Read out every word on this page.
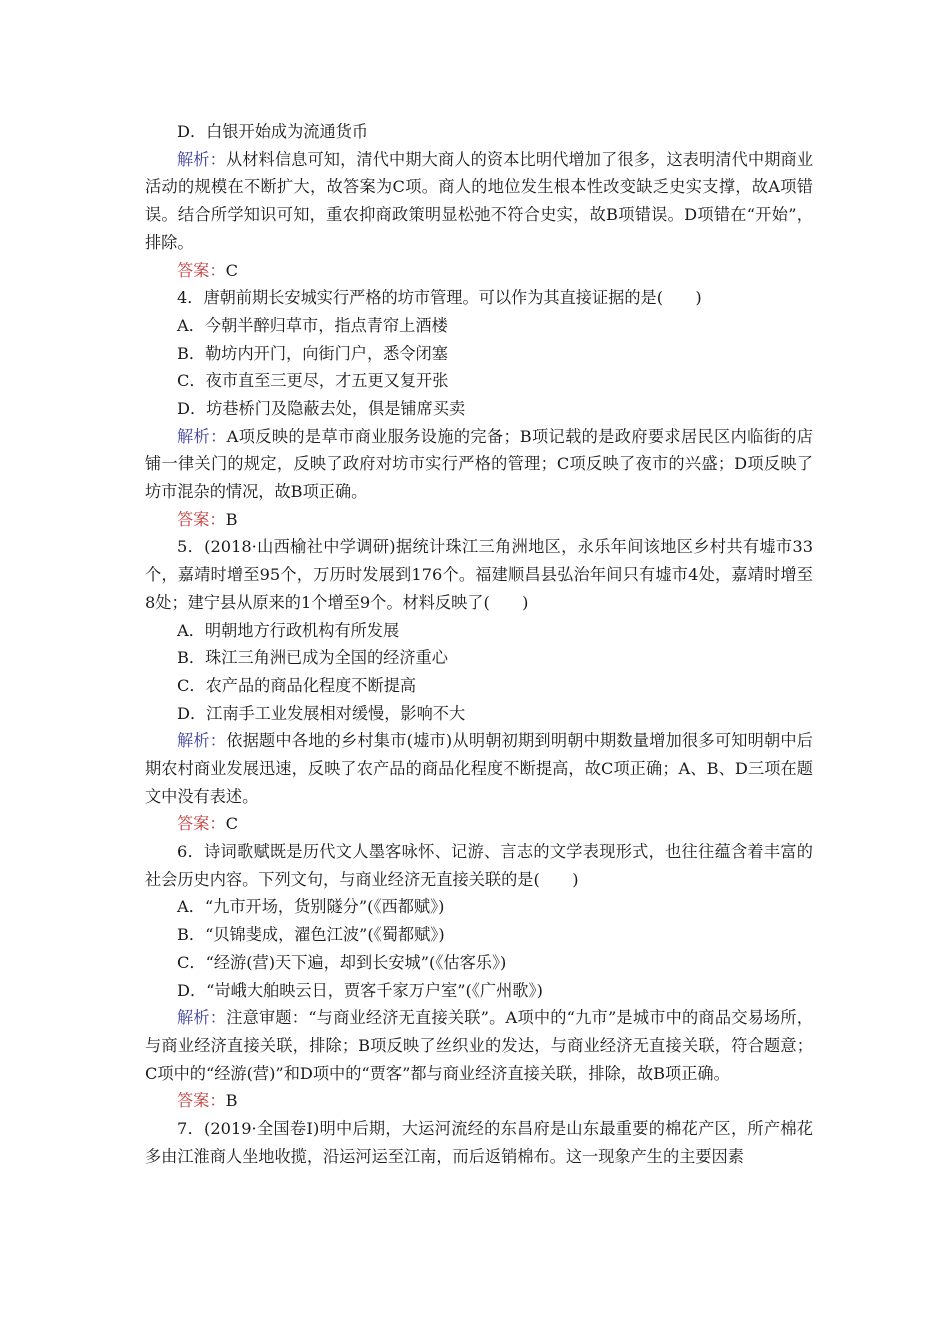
D．白银开始成为流通货币

解析：从材料信息可知，清代中期大商人的资本比明代增加了很多，这表明清代中期商业活动的规模在不断扩大，故答案为C项。商人的地位发生根本性改变缺乏史实支撑，故A项错误。结合所学知识可知，重农抑商政策明显松弛不符合史实，故B项错误。D项错在“开始”，排除。

答案：C
4．唐朝前期长安城实行严格的坊市管理。可以作为其直接证据的是(　　)
A．今朝半醉归草市，指点青帘上酒楼
B．勒坊内开门，向街门户，悉令闭塞
C．夜市直至三更尽，才五更又复开张
D．坊巷桥门及隐蔽去处，俱是铺席买卖

解析：A项反映的是草市商业服务设施的完备；B项记载的是政府要求居民区内临街的店铺一律关门的规定，反映了政府对坊市实行严格的管理；C项反映了夜市的兴盛；D项反映了坊市混杂的情况，故B项正确。

答案：B

5．(2018·山西榆社中学调研)据统计珠江三角洲地区，永乐年间该地区乡村共有墟市33个，嘉靖时增至95个，万历时发展到176个。福建顺昌县弘治年间只有墟市4处，嘉靖时增至8处；建宁县从原来的1个增至9个。材料反映了(　　)

A．明朝地方行政机构有所发展
B．珠江三角洲已成为全国的经济重心
C．农产品的商品化程度不断提高
D．江南手工业发展相对缓慢，影响不大

解析：依据题中各地的乡村集市(墟市)从明朝初期到明朝中期数量增加很多可知明朝中后期农村商业发展迅速，反映了农产品的商品化程度不断提高，故C项正确；A、B、D三项在题文中没有表述。

答案：C

6．诗词歌赋既是历代文人墨客咏怀、记游、言志的文学表现形式，也往往蕴含着丰富的社会历史内容。下列文句，与商业经济无直接关联的是(　　)

A．“九市开场，货别隧分”(《西都赋》)
B．“贝锦斐成，濯色江波”(《蜀都赋》)
C．“经游(营)天下遍，却到长安城”(《估客乐》)
D．“岢峨大舶映云日，贾客千家万户室”(《广州歌》)

解析：注意审题：“与商业经济无直接关联”。A项中的“九市”是城市中的商品交易场所，与商业经济直接关联，排除；B项反映了丝织业的发达，与商业经济无直接关联，符合题意；C项中的“经游(营)”和D项中的“贾客”都与商业经济直接关联，排除，故B项正确。

答案：B

7．(2019·全国卷Ⅰ)明中后期，大运河流经的东昌府是山东最重要的棉花产区，所产棉花多由江淮商人坐地收揽，沿运河运至江南，而后返销棉布。这一现象产生的主要因素
